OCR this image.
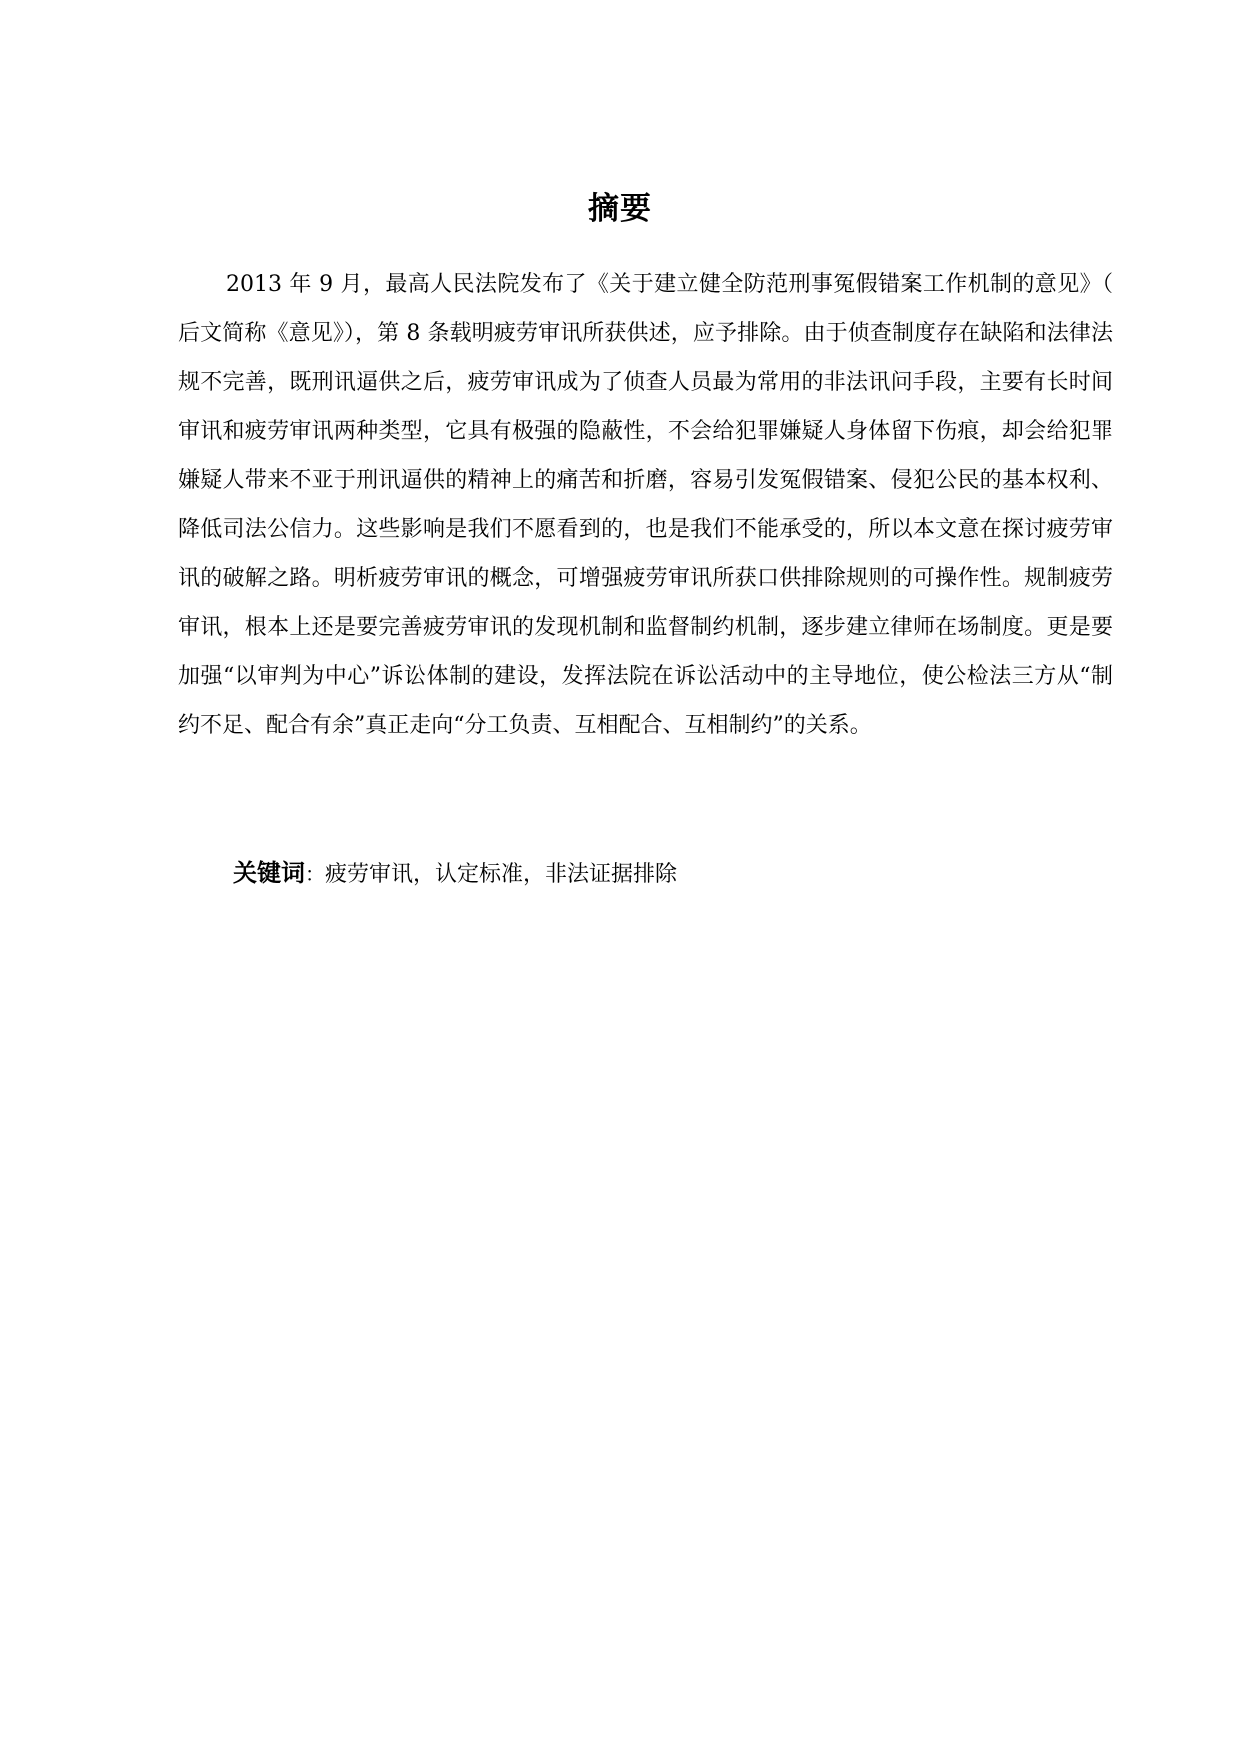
摘要

2013 年 9 月，最高人民法院发布了《关于建立健全防范刑事冤假错案工作机制的意见》（后文简称《意见》），第 8 条载明疲劳审讯所获供述，应予排除。由于侦查制度存在缺陷和法律法规不完善，既刑讯逼供之后，疲劳审讯成为了侦查人员最为常用的非法讯问手段，主要有长时间审讯和疲劳审讯两种类型，它具有极强的隐蔽性，不会给犯罪嫌疑人身体留下伤痕，却会给犯罪嫌疑人带来不亚于刑讯逼供的精神上的痛苦和折磨，容易引发冤假错案、侵犯公民的基本权利、降低司法公信力。这些影响是我们不愿看到的，也是我们不能承受的，所以本文意在探讨疲劳审讯的破解之路。明析疲劳审讯的概念，可增强疲劳审讯所获口供排除规则的可操作性。规制疲劳审讯，根本上还是要完善疲劳审讯的发现机制和监督制约机制，逐步建立律师在场制度。更是要加强“以审判为中心”诉讼体制的建设，发挥法院在诉讼活动中的主导地位，使公检法三方从“制约不足、配合有余”真正走向“分工负责、互相配合、互相制约”的关系。

关键词：疲劳审讯，认定标准，非法证据排除
